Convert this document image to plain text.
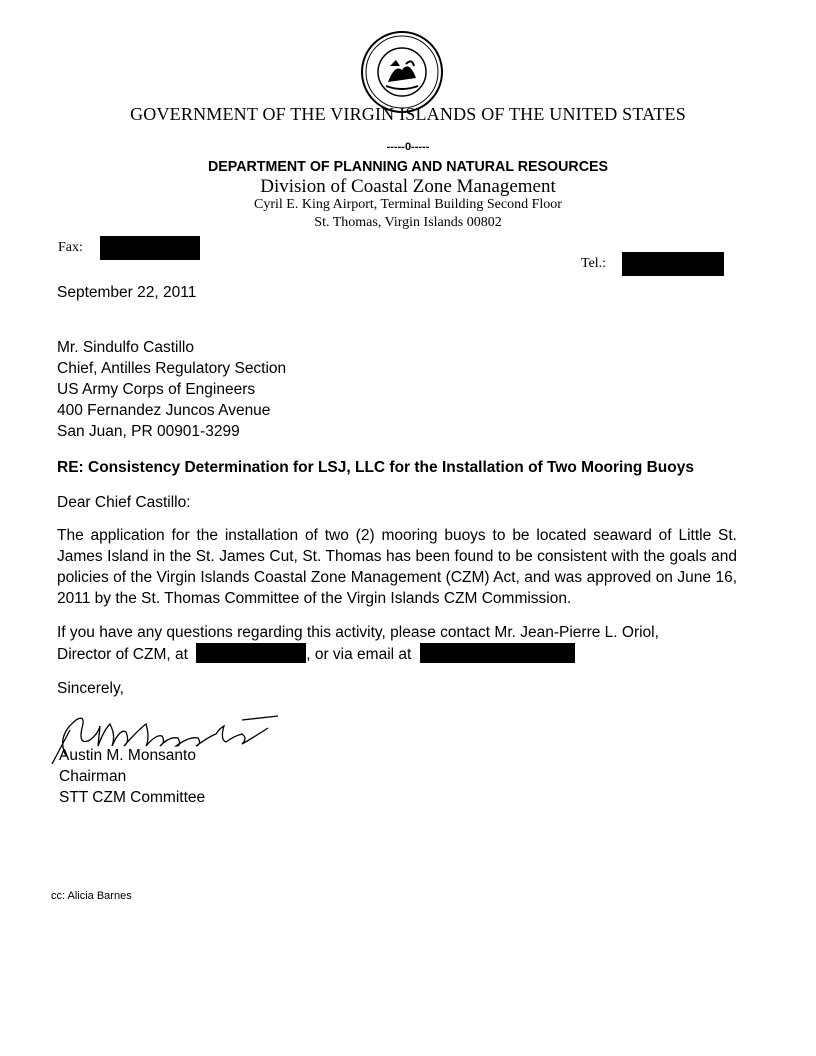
GOVERNMENT OF THE VIRGIN ISLANDS OF THE UNITED STATES
-----0-----
DEPARTMENT OF PLANNING AND NATURAL RESOURCES
Division of Coastal Zone Management
Cyril E. King Airport, Terminal Building Second Floor
St. Thomas, Virgin Islands 00802
Fax:
Tel.:
September 22, 2011
Mr. Sindulfo Castillo
Chief, Antilles Regulatory Section
US Army Corps of Engineers
400 Fernandez Juncos Avenue
San Juan, PR 00901-3299
RE: Consistency Determination for LSJ, LLC for the Installation of Two Mooring Buoys
Dear Chief Castillo:
The application for the installation of two (2) mooring buoys to be located seaward of Little St. James Island in the St. James Cut, St. Thomas has been found to be consistent with the goals and policies of the Virgin Islands Coastal Zone Management (CZM) Act, and was approved on June 16, 2011 by the St. Thomas Committee of the Virgin Islands CZM Commission.
If you have any questions regarding this activity, please contact Mr. Jean-Pierre L. Oriol,
Director of CZM, at	, or via email at
Sincerely,
Austin M. Monsanto
Chairman
STT CZM Committee
cc: Alicia Barnes
